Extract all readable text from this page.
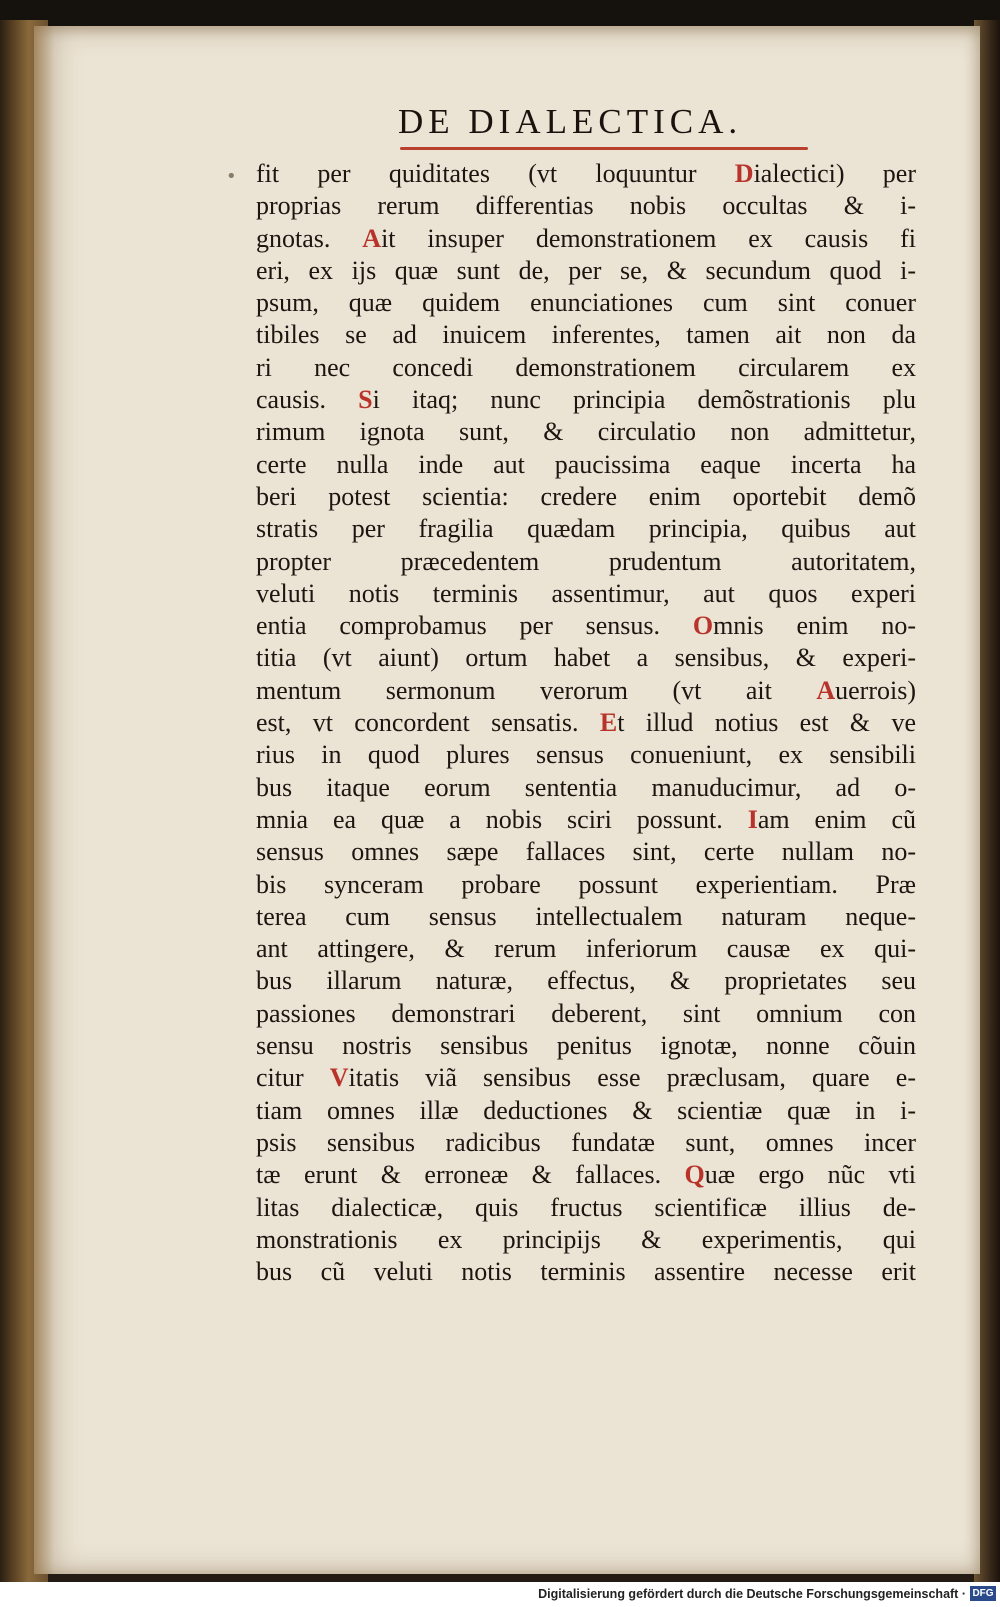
DE DIALECTICA.
• fit per quiditates (vt loquuntur Dialectici) per
proprias rerum differentias nobis occultas & i-
gnotas. Ait insuper demonstrationem ex causis fi
eri, ex ijs quæ sunt de, per se, & secundum quod i-
psum, quæ quidem enunciationes cum sint conuer
tibiles se ad inuicem inferentes, tamen ait non da
ri nec concedi demonstrationem circularem ex
causis. Si itaq; nunc principia demõstrationis plu
rimum ignota sunt, & circulatio non admittetur,
certe nulla inde aut paucissima eaque incerta ha
beri potest scientia: credere enim oportebit demõ
stratis per fragilia quædam principia, quibus aut
propter præcedentem prudentum autoritatem,
veluti notis terminis assentimur, aut quos experi
entia comprobamus per sensus. Omnis enim no-
titia (vt aiunt) ortum habet a sensibus, & experi-
mentum sermonum verorum (vt ait Auerrois)
est, vt concordent sensatis. Et illud notius est & ve
rius in quod plures sensus conueniunt, ex sensibili
bus itaque eorum sententia manuducimur, ad o-
mnia ea quæ a nobis sciri possunt. Iam enim cũ
sensus omnes sæpe fallaces sint, certe nullam no-
bis synceram probare possunt experientiam. Præ
terea cum sensus intellectualem naturam neque-
ant attingere, & rerum inferiorum causæ ex qui-
bus illarum naturæ, effectus, & proprietates seu
passiones demonstrari deberent, sint omnium con
sensu nostris sensibus penitus ignotæ, nonne cõuin
citur Vitatis viã sensibus esse præclusam, quare e-
tiam omnes illæ deductiones & scientiæ quæ in i-
psis sensibus radicibus fundatæ sunt, omnes incer
tæ erunt & erroneæ & fallaces. Quæ ergo nũc vti
litas dialecticæ, quis fructus scientificæ illius de-
monstrationis ex principijs & experimentis, qui
bus cũ veluti notis terminis assentire necesse erit
Digitalisierung gefördert durch die Deutsche Forschungsgemeinschaft · DFG
